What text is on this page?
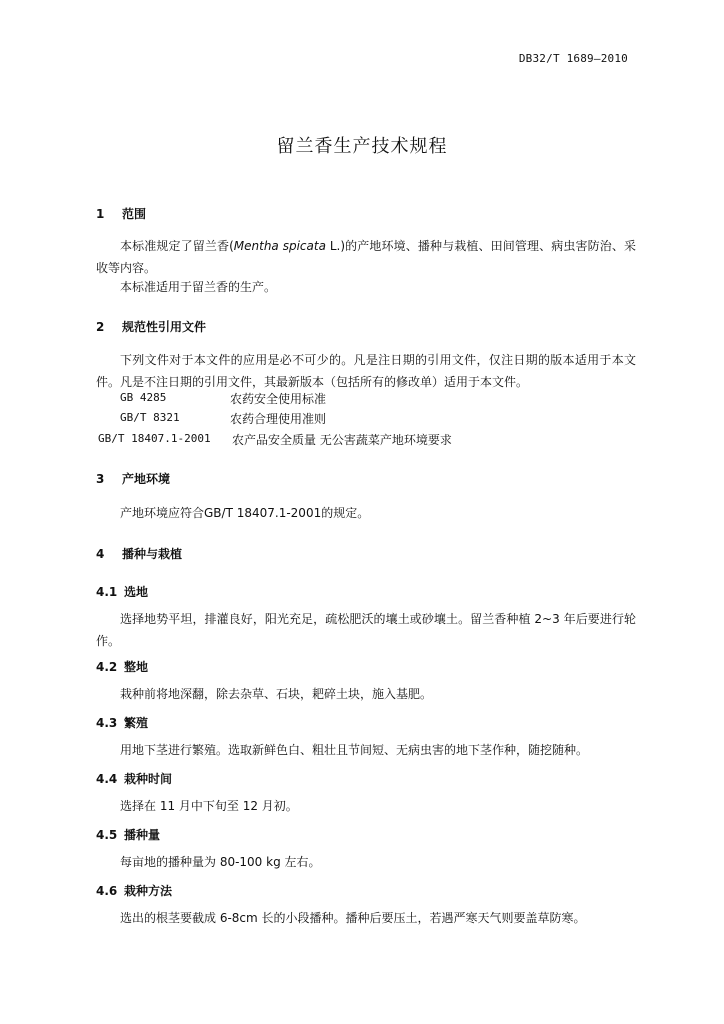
DB32/T 1689—2010
留兰香生产技术规程
1 范围
本标准规定了留兰香(Mentha spicata L.)的产地环境、播种与栽植、田间管理、病虫害防治、采收等内容。
本标准适用于留兰香的生产。
2 规范性引用文件
下列文件对于本文件的应用是必不可少的。凡是注日期的引用文件，仅注日期的版本适用于本文件。凡是不注日期的引用文件，其最新版本（包括所有的修改单）适用于本文件。
GB 4285	农药安全使用标准
GB/T 8321	农药合理使用准则
GB/T 18407.1-2001 农产品安全质量 无公害蔬菜产地环境要求
3 产地环境
产地环境应符合GB/T 18407.1-2001的规定。
4 播种与栽植
4.1 选地
选择地势平坦，排灌良好，阳光充足，疏松肥沃的壤土或砂壤土。留兰香种植 2~3 年后要进行轮作。
4.2 整地
栽种前将地深翻，除去杂草、石块，耙碎土块，施入基肥。
4.3 繁殖
用地下茎进行繁殖。选取新鲜色白、粗壮且节间短、无病虫害的地下茎作种，随挖随种。
4.4 栽种时间
选择在 11 月中下旬至 12 月初。
4.5 播种量
每亩地的播种量为 80-100 kg 左右。
4.6 栽种方法
选出的根茎要截成 6-8cm 长的小段播种。播种后要压土，若遇严寒天气则要盖草防寒。
